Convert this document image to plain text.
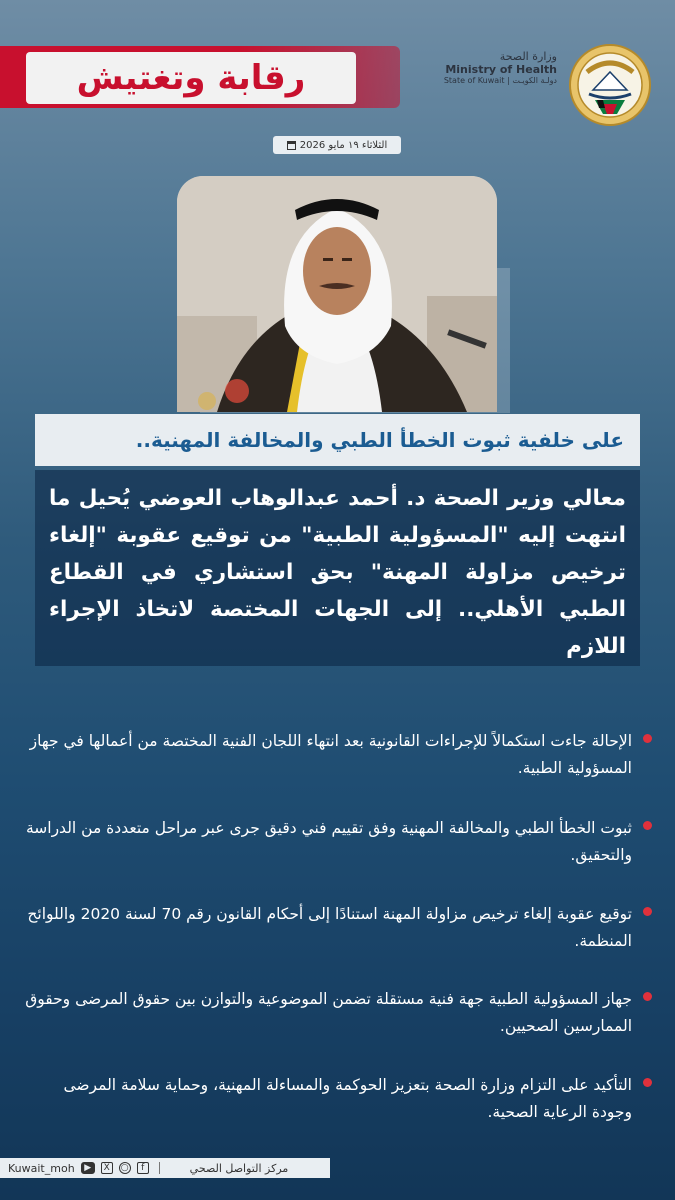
رقابة وتغتيش
وزارة الصحة
Ministry of Health
State of Kuwait | دولـة الكويـت
الثلاثاء ١٩ مايو 2026
على خلفية ثبوت الخطأ الطبي والمخالفة المهنية..

معالي وزير الصحة د. أحمد عبدالوهاب العوضي يُحيل ما انتهت إليه "المسؤولية الطبية" من توقيع عقوبة "إلغاء ترخيص مزاولة المهنة" بحق استشاري في القطاع الطبي الأهلي.. إلى الجهات المختصة لاتخاذ الإجراء اللازم

الإحالة جاءت استكمالاً للإجراءات القانونية بعد انتهاء اللجان الفنية المختصة من أعمالها في جهاز المسؤولية الطبية.
ثبوت الخطأ الطبي والمخالفة المهنية وفق تقييم فني دقيق جرى عبر مراحل متعددة من الدراسة والتحقيق.
توقيع عقوبة إلغاء ترخيص مزاولة المهنة استنادًا إلى أحكام القانون رقم 70 لسنة 2020 واللوائح المنظمة.
جهاز المسؤولية الطبية جهة فنية مستقلة تضمن الموضوعية والتوازن بين حقوق المرضى وحقوق الممارسين الصحيين.
التأكيد على التزام وزارة الصحة بتعزيز الحوكمة والمساءلة المهنية، وحماية سلامة المرضى وجودة الرعاية الصحية.
Kuwait_moh	▶	X	○	f	مركز التواصل الصحي
